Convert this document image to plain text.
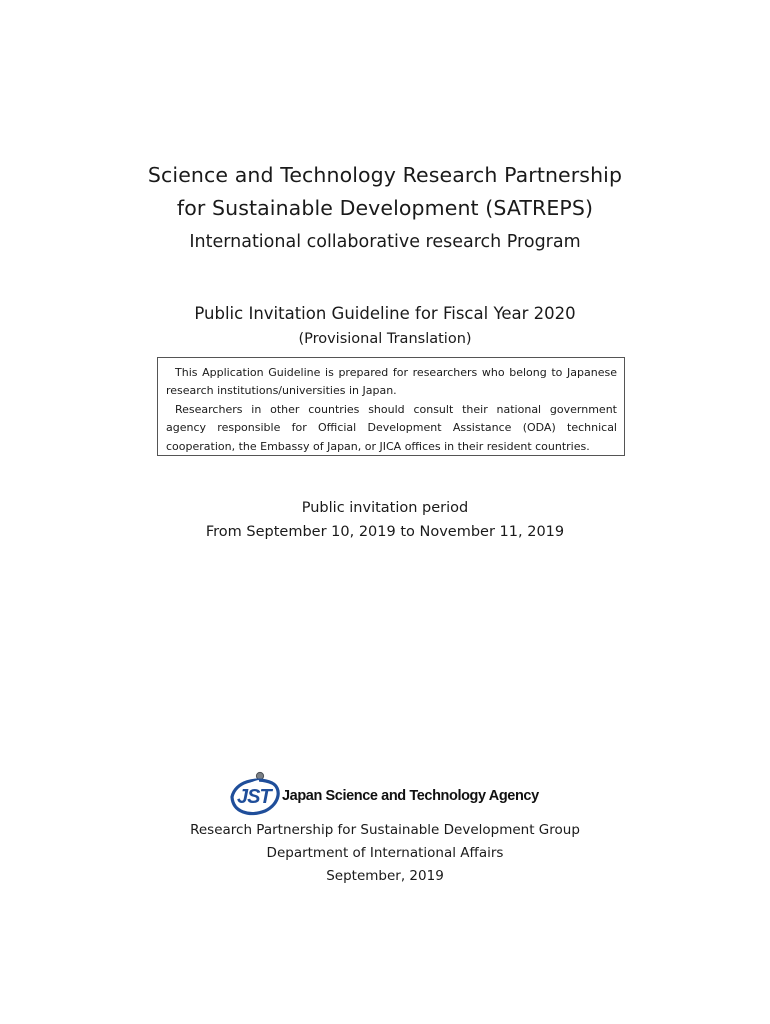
Science and Technology Research Partnership
for Sustainable Development (SATREPS)
International collaborative research Program
Public Invitation Guideline for Fiscal Year 2020
(Provisional Translation)

This Application Guideline is prepared for researchers who belong to Japanese research institutions/universities in Japan.

Researchers in other countries should consult their national government agency responsible for Official Development Assistance (ODA) technical cooperation, the Embassy of Japan, or JICA offices in their resident countries.

Public invitation period
From September 10, 2019 to November 11, 2019
JST Japan Science and Technology Agency
Research Partnership for Sustainable Development Group
Department of International Affairs
September, 2019
